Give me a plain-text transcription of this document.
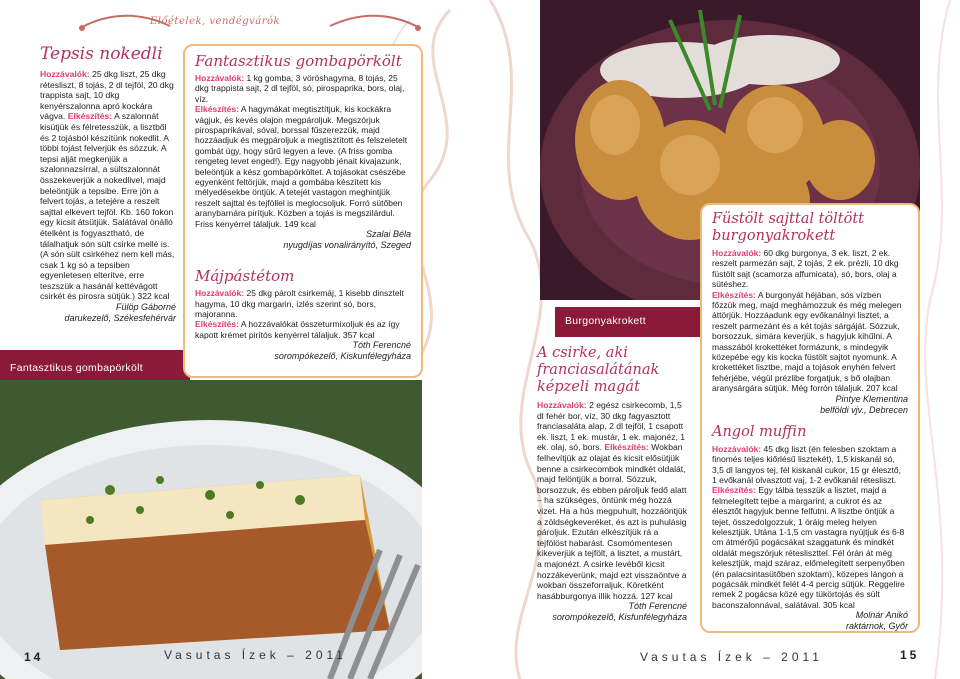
Előételek, vendégvárók
Tepsis nokedli
Hozzávalók: 25 dkg liszt, 25 dkg rétesliszt, 8 tojás, 2 dl tejföl, 20 dkg trappista sajt, 10 dkg kenyérszalonna apró kockára vágva. Elkészítés: A szalonnát kisütjük és félretesszük, a lisztből és 2 tojásból készítünk nokedlit. A többi tojást felverjük és sózzuk. A tepsi alját megkenjük a szalonnazsírral, a sültszalonnát összekeverjük a nokedlivel, majd beleöntjük a tepsibe. Erre jön a felvert tojás, a tetejére a reszelt sajttal elkevert tejföl. Kb. 160 fokon egy kicsit átsütjük. Salátával önálló ételként is fogyasztható, de tálalhatjuk són sült csirke mellé is. (A són sült csirkéhez nem kell más, csak 1 kg só a tepsiben egyenletesen elterítve, erre teszszük a hasánál kettévágott csirkét és pirosra sütjük.) 322 kcal
Fülöp Gáborné
darukezelő, Székesfehérvár
Fantasztikus gombapörkölt
Fantasztikus gombapörkölt
Hozzávalók: 1 kg gomba, 3 vöröshagyma, 8 tojás, 25 dkg trappista sajt, 2 dl tejföl, só, pirospaprika, bors, olaj, víz.
Elkészítés: A hagymákat megtisztítjuk, kis kockákra vágjuk, és kevés olajon megpároljuk. Megszórjuk pirospaprikával, sóval, borssal fűszerezzük, majd hozzáadjuk és megpároljuk a megtisztított és felszeletelt gombát úgy, hogy sűrű legyen a leve. (A friss gomba rengeteg levet enged!). Egy nagyobb jénait kivajazunk, beleöntjük a kész gombapörköltet. A tojásokat csészébe egyenként feltörjük, majd a gombába készített kis mélyedésekbe öntjük. A tetejét vastagon meghintjük reszelt sajttal és tejföllel is meglocsoljuk. Forró sütőben aranybarnára pirítjuk. Közben a tojás is megszilárdul. Friss kenyérrel tálaljuk. 149 kcal
Szalai Béla
nyugdíjas vonalirányító, Szeged
Májpástétom
Hozzávalók: 25 dkg párolt csirkemáj, 1 kisebb dinsztelt hagyma, 10 dkg margarin, ízlés szerint só, bors, majoranna.
Elkészítés: A hozzávalókat összeturmixoljuk és az így kapott krémet pirítós kenyérrel tálaljuk. 357 kcal
Tóth Ferencné
sorompókezelő, Kiskunfélegyháza
14	Vasutas Ízek – 2011
Burgonyakrokett
A csirke, aki franciasalátának képzeli magát
Hozzávalók: 2 egész csirkecomb, 1,5 dl fehér bor, víz, 30 dkg fagyasztott franciasaláta alap, 2 dl tejföl, 1 csapott ek. liszt, 1 ek. mustár, 1 ek. majonéz, 1 ek. olaj, só, bors. Elkészítés: Wokban felhevítjük az olajat és kicsit elősütjük benne a csirkecombok mindkét oldalát, majd felöntjük a borral. Sózzuk, borsozzuk, és ebben pároljuk fedő alatt – ha szükséges, öntünk még hozzá vizet. Ha a hús megpuhult, hozzáöntjük a zöldségkeveréket, és azt is puhulásig pároljuk. Ezután elkészítjük rá a tejfölöst habarást. Csomómentesen kikeverjük a tejfölt, a lisztet, a mustárt, a majonézt. A csirke levéből kicsit hozzákeverünk, majd ezt visszaöntve a wokban összeforraljuk. Köretként hasábburgonya illik hozzá. 127 kcal
Tóth Ferencné
sorompókezelő, Kisfunfélegyháza
Füstölt sajttal töltött burgonyakrokett
Hozzávalók: 60 dkg burgonya, 3 ek. liszt, 2 ek. reszelt parmezán sajt, 2 tojás, 2 ek. prézli, 10 dkg füstölt sajt (scamorza affumicata), só, bors, olaj a sütéshez.
Elkészítés: A burgonyát héjában, sós vízben főzzük meg, majd meghámozzuk és még melegen áttörjük. Hozzáadunk egy evőkanálnyi lisztet, a reszelt parmezánt és a két tojás sárgáját. Sózzuk, borsozzuk, simára keverjük, s hagyjuk kihűlni. A masszából krokettéket formázunk, s mindegyik közepébe egy kis kocka füstölt sajtot nyomunk. A krokettéket lisztbe, majd a tojások enyhén felvert fehérjébe, végül prézlibe forgatjuk, s bő olajban aranysárgára sütjük. Még forrón tálaljuk. 207 kcal
Pintye Klementina
belföldi vjv., Debrecen
Angol muffin
Hozzávalók: 45 dkg liszt (én felesben szoktam a finomés teljes kiőrlésű lisztekét), 1,5 kiskanál só, 3,5 dl langyos tej, fél kiskanál cukor, 15 gr élesztő, 1 evőkanál olvasztott vaj, 1-2 evőkanál rétesliszt.
Elkészítés: Egy tálba tesszük a lisztet, majd a felmelegített tejbe a margarint, a cukrot és az élesztőt hagyjuk benne felfutni. A lisztbe öntjük a tejet, összedolgozzuk, 1 óráig meleg helyen kelesztjük. Utána 1-1,5 cm vastagra nyújtjuk és 6-8 cm átmérőjű pogácsákat szaggatunk és mindkét oldalát megszórjuk rétesliszttel. Fél órán át még kelesztjük, majd száraz, előmelegített serpenyőben (én palacsintasütőben szoktam), közepes lángon a pogácsák mindkét felét 4-4 percig sütjük. Reggelire remek 2 pogácsa közé egy tükörtojás és sült baconszalonnával, salátával. 305 kcal
Molnár Anikó
raktárnok, Győr
Vasutas Ízek – 2011	15
